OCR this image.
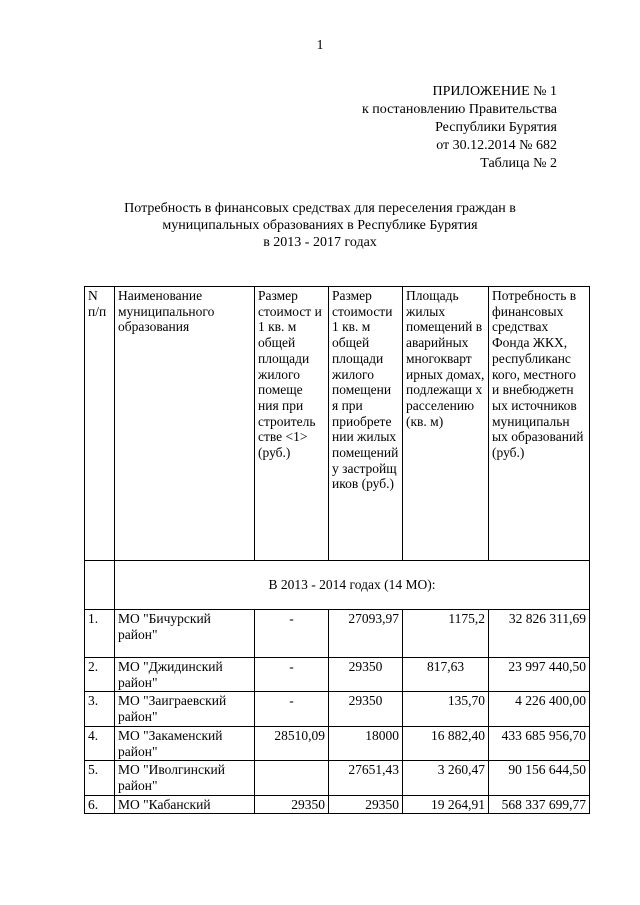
1
ПРИЛОЖЕНИЕ № 1
к постановлению Правительства
Республики Бурятия
от 30.12.2014 № 682
Таблица № 2
Потребность в финансовых средствах для переселения граждан в
муниципальных образованиях в Республике Бурятия
в 2013 - 2017 годах
N п/п	Наименование муниципального образования	Размер стоимост и 1 кв. м общей площади жилого помеще ния при строитель стве <1> (руб.)	Размер стоимости 1 кв. м общей площади жилого помещени я при приобрете нии жилых помещений у застройщ иков (руб.)	Площадь жилых помещений в аварийных многокварт ирных домах, подлежащи х расселению (кв. м)	Потребность в финансовых средствах Фонда ЖКХ, республиканс кого, местного и внебюджетн ых источников муниципальн ых образований (руб.)
	В 2013 - 2014 годах (14 МО):				
1.	МО "Бичурский район"	-	27093,97	1175,2	32 826 311,69
2.	МО "Джидинский район"	-	29350	817,63	23 997 440,50
3.	МО "Заиграевский район"	-	29350	135,70	4 226 400,00
4.	МО "Закаменский район"	28510,09	18000	16 882,40	433 685 956,70
5.	МО "Иволгинский район"		27651,43	3 260,47	90 156 644,50
6.	МО "Кабанский	29350	29350	19 264,91	568 337 699,77
